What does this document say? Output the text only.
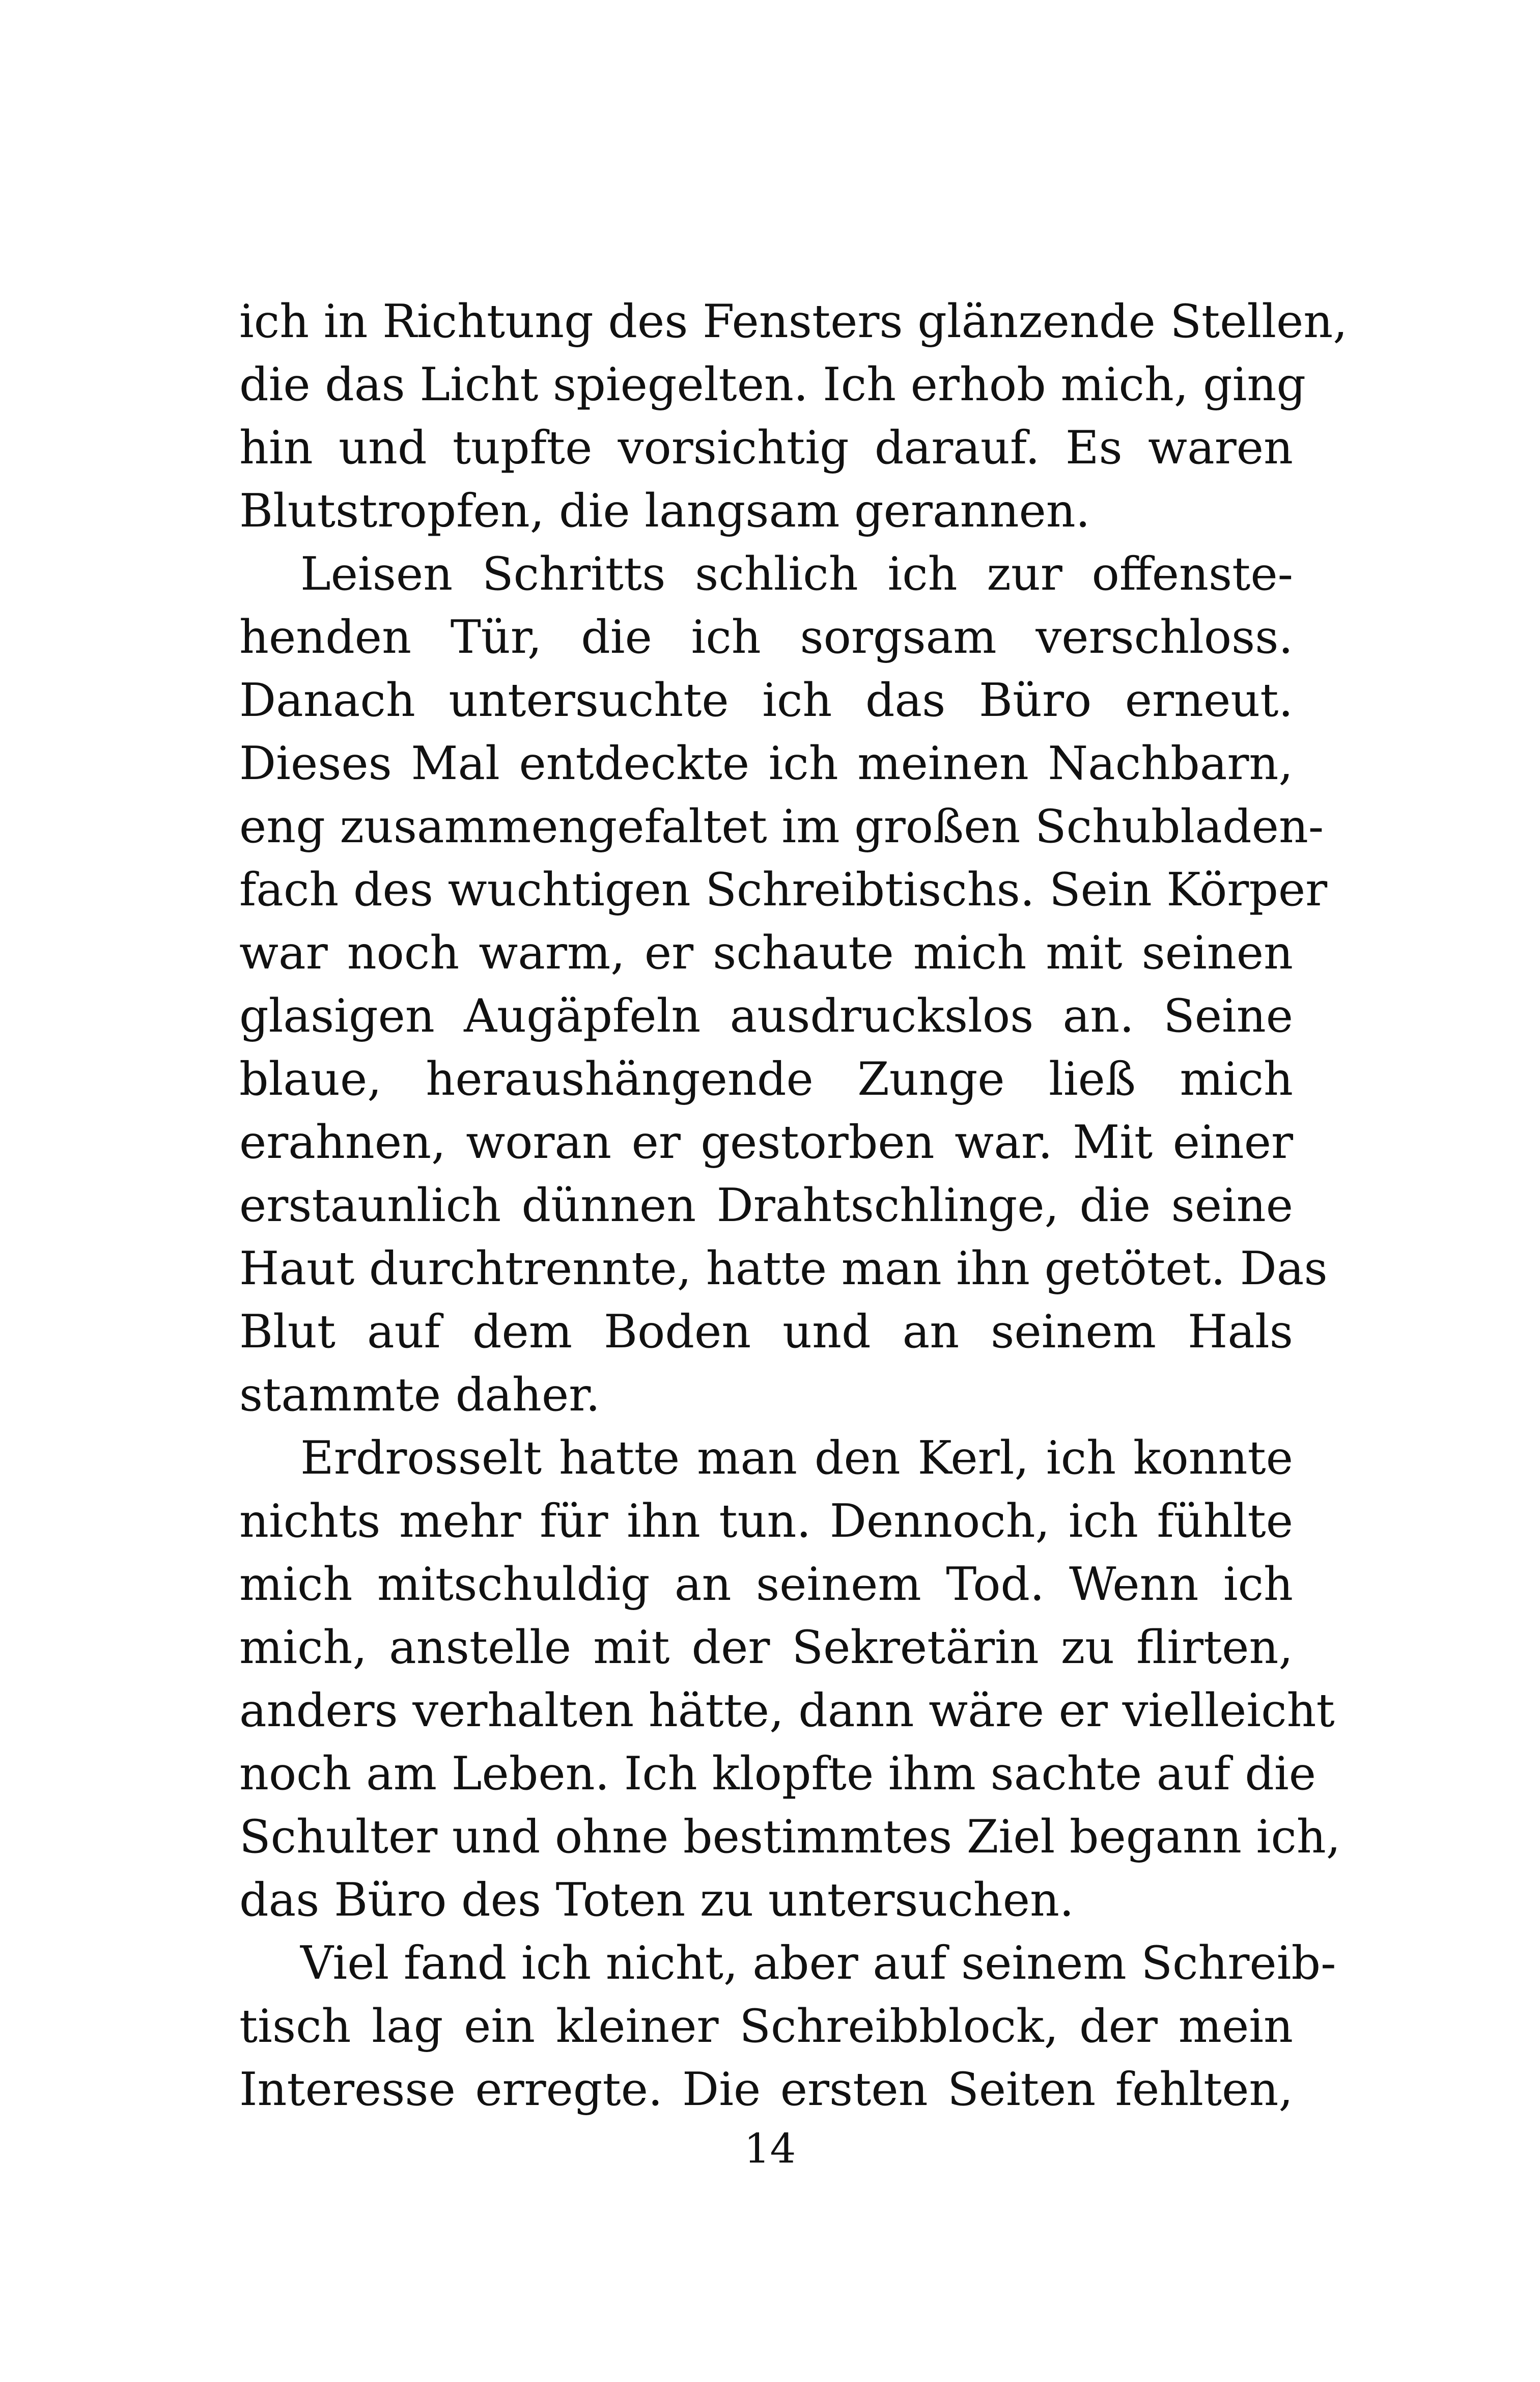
ich in Richtung des Fensters glänzende Stellen,
die das Licht spiegelten. Ich erhob mich, ging
hin und tupfte vorsichtig darauf. Es waren
Blutstropfen, die langsam gerannen.
Leisen Schritts schlich ich zur offenste-
henden Tür, die ich sorgsam verschloss.
Danach untersuchte ich das Büro erneut.
Dieses Mal entdeckte ich meinen Nachbarn,
eng zusammengefaltet im großen Schubladen-
fach des wuchtigen Schreibtischs. Sein Körper
war noch warm, er schaute mich mit seinen
glasigen Augäpfeln ausdruckslos an. Seine
blaue, heraushängende Zunge ließ mich
erahnen, woran er gestorben war. Mit einer
erstaunlich dünnen Drahtschlinge, die seine
Haut durchtrennte, hatte man ihn getötet. Das
Blut auf dem Boden und an seinem Hals
stammte daher.
Erdrosselt hatte man den Kerl, ich konnte
nichts mehr für ihn tun. Dennoch, ich fühlte
mich mitschuldig an seinem Tod. Wenn ich
mich, anstelle mit der Sekretärin zu flirten,
anders verhalten hätte, dann wäre er vielleicht
noch am Leben. Ich klopfte ihm sachte auf die
Schulter und ohne bestimmtes Ziel begann ich,
das Büro des Toten zu untersuchen.
Viel fand ich nicht, aber auf seinem Schreib-
tisch lag ein kleiner Schreibblock, der mein
Interesse erregte. Die ersten Seiten fehlten,
14
